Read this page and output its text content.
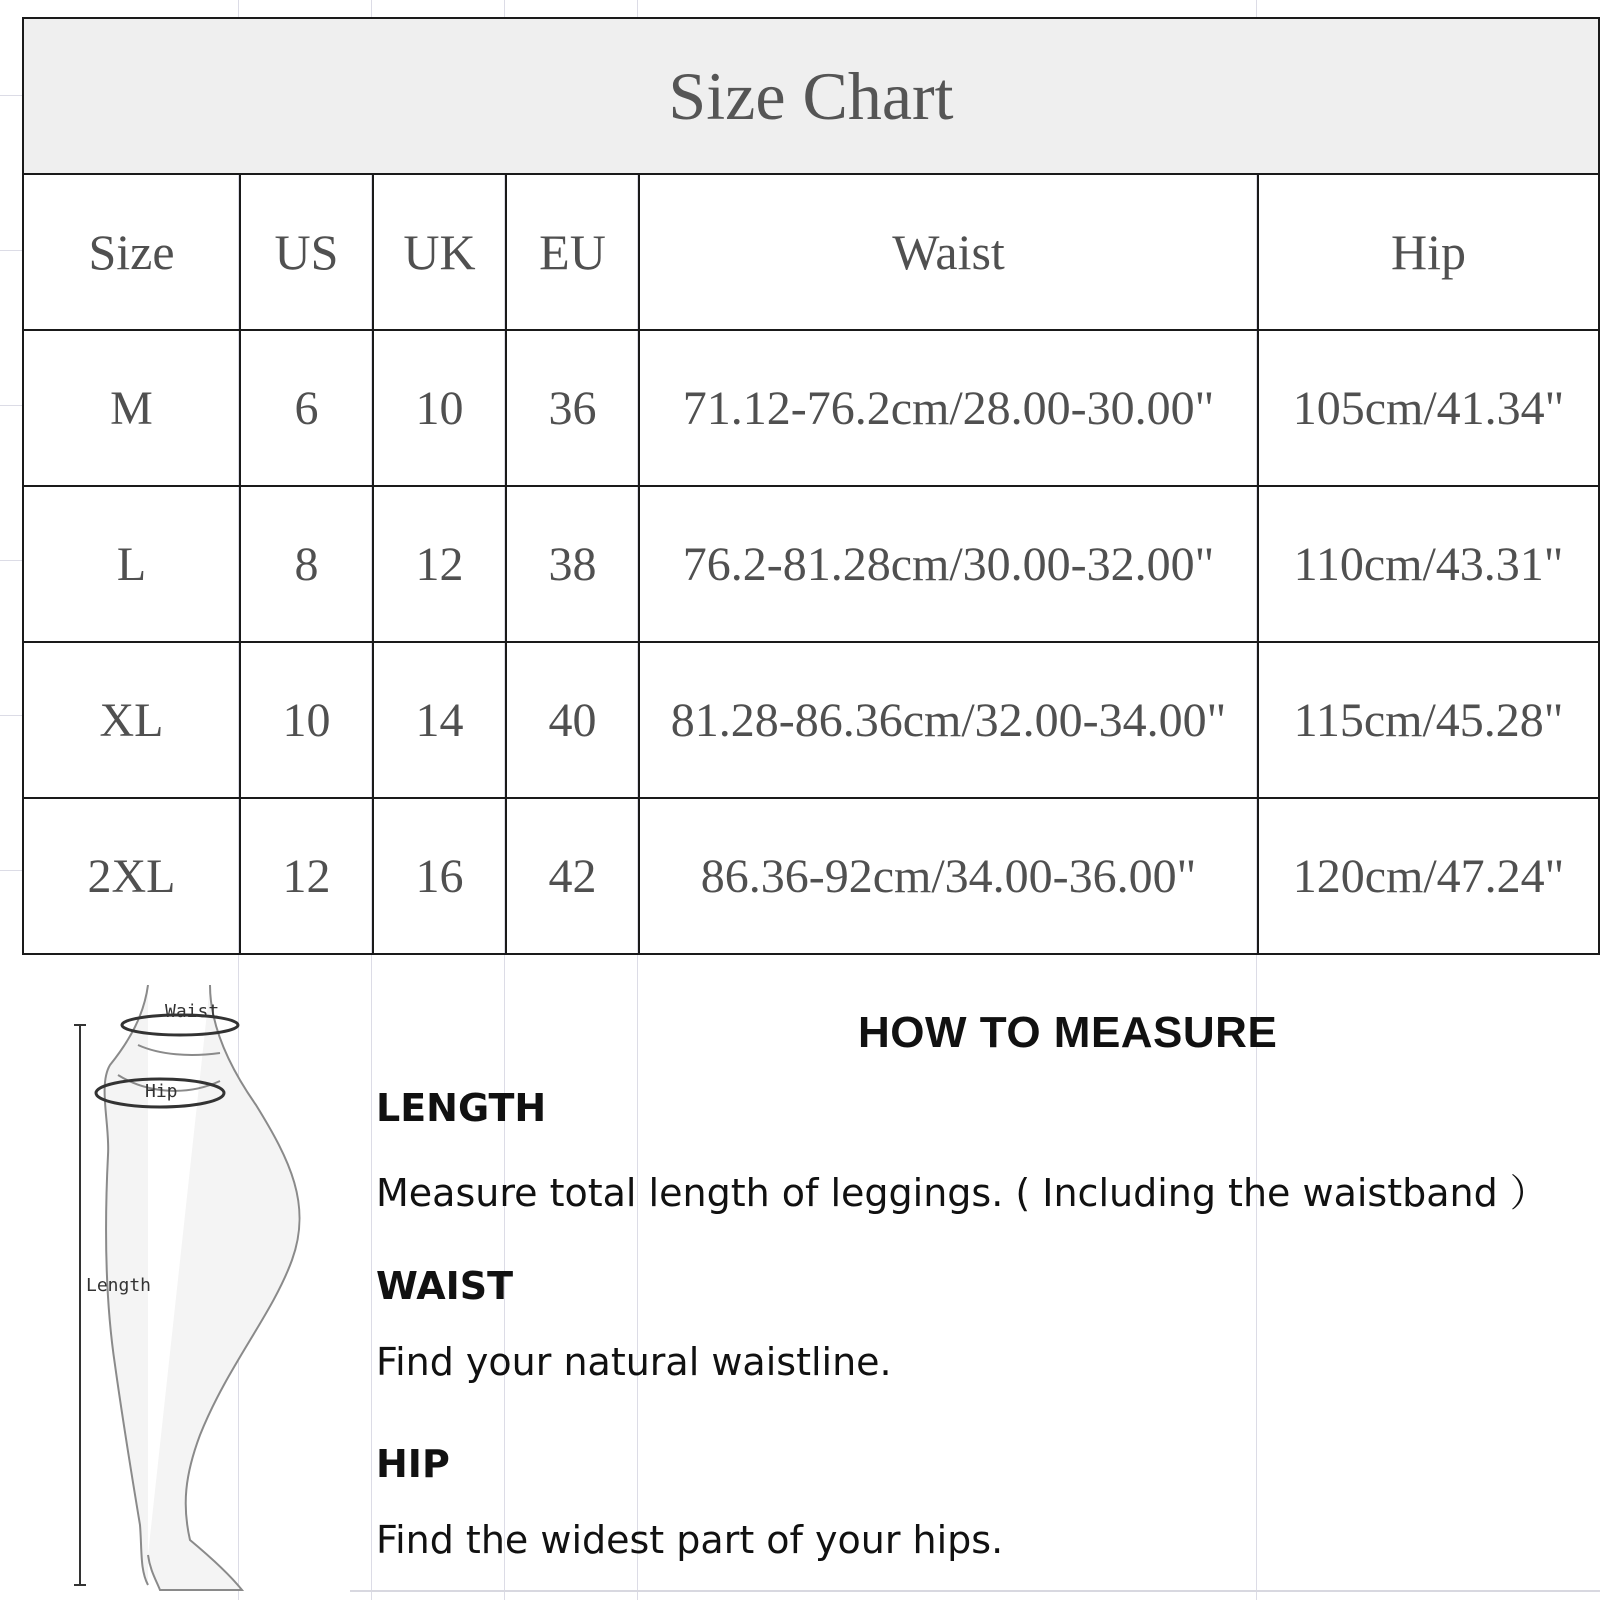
Size Chart					
Size	US	UK	EU	Waist	Hip
M	6	10	36	71.12-76.2cm/28.00-30.00"	105cm/41.34"
L	8	12	38	76.2-81.28cm/30.00-32.00"	110cm/43.31"
XL	10	14	40	81.28-86.36cm/32.00-34.00"	115cm/45.28"
2XL	12	16	42	86.36-92cm/34.00-36.00"	120cm/47.24"
Waist
Hip
Length
HOW TO MEASURE
LENGTH
Measure total length of leggings. ( Including the waistband ）
WAIST
Find your natural waistline.
HIP
Find the widest part of your hips.
